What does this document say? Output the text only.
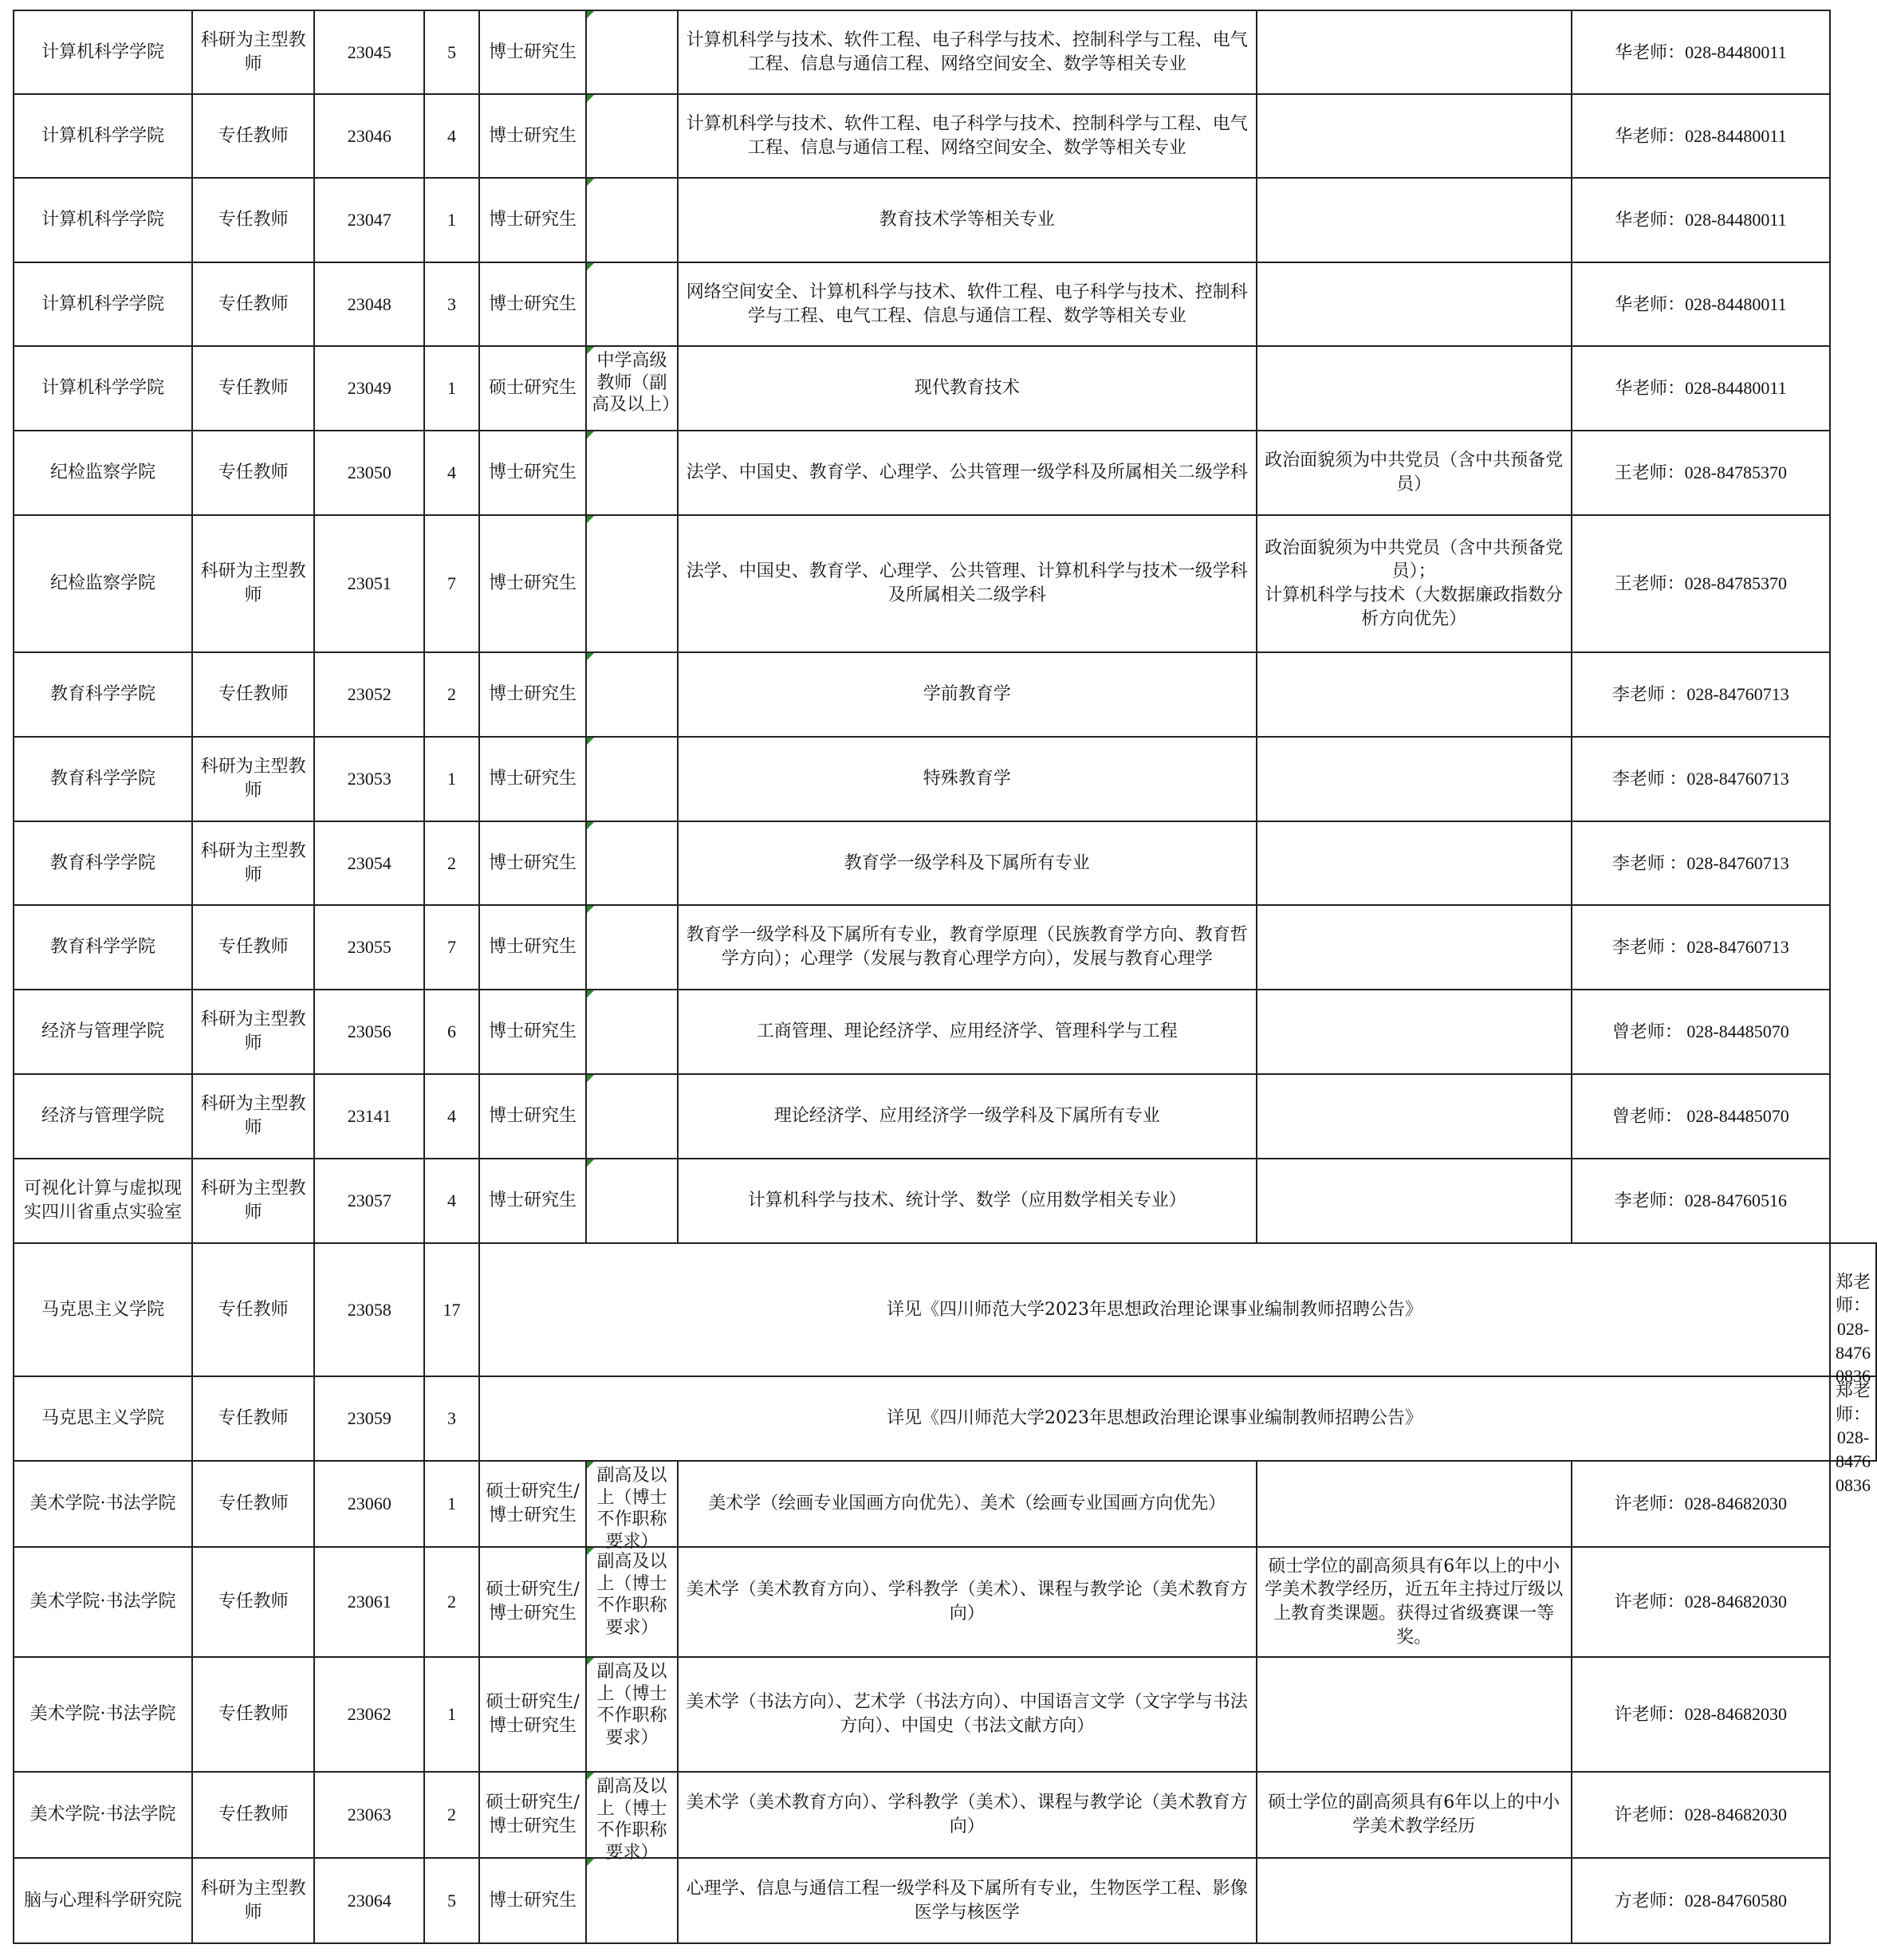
计算机科学学院	科研为主型教师	23045	5	博士研究生		计算机科学与技术、软件工程、电子科学与技术、控制科学与工程、电气工程、信息与通信工程、网络空间安全、数学等相关专业		华老师：028-84480011	

计算机科学学院	专任教师	23046	4	博士研究生		计算机科学与技术、软件工程、电子科学与技术、控制科学与工程、电气工程、信息与通信工程、网络空间安全、数学等相关专业		华老师：028-84480011	

计算机科学学院	专任教师	23047	1	博士研究生		教育技术学等相关专业		华老师：028-84480011	

计算机科学学院	专任教师	23048	3	博士研究生		网络空间安全、计算机科学与技术、软件工程、电子科学与技术、控制科学与工程、电气工程、信息与通信工程、数学等相关专业		华老师：028-84480011	

计算机科学学院	专任教师	23049	1	硕士研究生	中学高级教师（副高及以上）	现代教育技术		华老师：028-84480011	

纪检监察学院	专任教师	23050	4	博士研究生		法学、中国史、教育学、心理学、公共管理一级学科及所属相关二级学科	政治面貌须为中共党员（含中共预备党员）	王老师：028-84785370	

纪检监察学院	科研为主型教师	23051	7	博士研究生		法学、中国史、教育学、心理学、公共管理、计算机科学与技术一级学科及所属相关二级学科	政治面貌须为中共党员（含中共预备党员）；
计算机科学与技术（大数据廉政指数分析方向优先）	王老师：028-84785370	

教育科学学院	专任教师	23052	2	博士研究生		学前教育学		李老师 ：028-84760713	

教育科学学院	科研为主型教师	23053	1	博士研究生		特殊教育学		李老师 ：028-84760713	

教育科学学院	科研为主型教师	23054	2	博士研究生		教育学一级学科及下属所有专业		李老师 ：028-84760713	

教育科学学院	专任教师	23055	7	博士研究生		教育学一级学科及下属所有专业，教育学原理（民族教育学方向、教育哲学方向）；心理学（发展与教育心理学方向），发展与教育心理学		李老师 ：028-84760713	

经济与管理学院	科研为主型教师	23056	6	博士研究生		工商管理、理论经济学、应用经济学、管理科学与工程		曾老师： 028-84485070	

经济与管理学院	科研为主型教师	23141	4	博士研究生		理论经济学、应用经济学一级学科及下属所有专业		曾老师： 028-84485070	

可视化计算与虚拟现实四川省重点实验室	科研为主型教师	23057	4	博士研究生		计算机科学与技术、统计学、数学（应用数学相关专业）		李老师：028-84760516	

马克思主义学院	专任教师	23058	17	详见《四川师范大学2023年思想政治理论课事业编制教师招聘公告》					郑老师：028-84760836

马克思主义学院	专任教师	23059	3	详见《四川师范大学2023年思想政治理论课事业编制教师招聘公告》					郑老师：028-84760836

美术学院·书法学院	专任教师	23060	1	硕士研究生/博士研究生	副高及以上（博士不作职称要求）	美术学（绘画专业国画方向优先）、美术（绘画专业国画方向优先）		许老师：028-84682030	

美术学院·书法学院	专任教师	23061	2	硕士研究生/博士研究生	副高及以上（博士不作职称要求）	美术学（美术教育方向）、学科教学（美术）、课程与教学论（美术教育方向）	硕士学位的副高须具有6年以上的中小学美术教学经历，近五年主持过厅级以上教育类课题。获得过省级赛课一等奖。	许老师：028-84682030	

美术学院·书法学院	专任教师	23062	1	硕士研究生/博士研究生	副高及以上（博士不作职称要求）	美术学（书法方向）、艺术学（书法方向）、中国语言文学（文字学与书法方向）、中国史（书法文献方向）		许老师：028-84682030	

美术学院·书法学院	专任教师	23063	2	硕士研究生/博士研究生	副高及以上（博士不作职称要求）	美术学（美术教育方向）、学科教学（美术）、课程与教学论（美术教育方向）	硕士学位的副高须具有6年以上的中小学美术教学经历	许老师：028-84682030	

脑与心理科学研究院	科研为主型教师	23064	5	博士研究生		心理学、信息与通信工程一级学科及下属所有专业，生物医学工程、影像医学与核医学		方老师：028-84760580	
